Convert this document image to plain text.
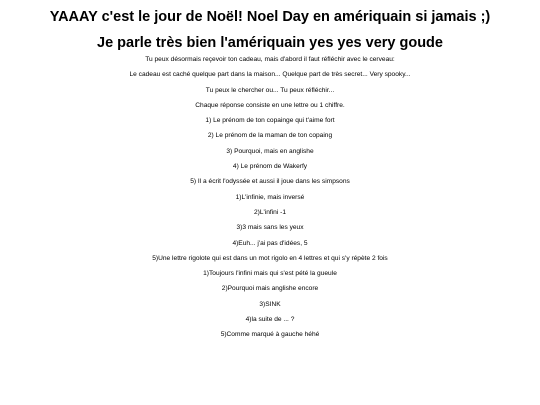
YAAAY c'est le jour de Noël! Noel Day en amériquain si jamais ;)
Je parle très bien l'amériquain yes yes very goude

Tu peux désormais reçevoir ton cadeau, mais d'abord il faut réfléchir avec le cerveau:

Le cadeau est caché quelque part dans la maison... Quelque part de très secret... Very spooky...

Tu peux le chercher ou... Tu peux réfléchir...

Chaque réponse consiste en une lettre ou 1 chiffre.

1) Le prénom de ton copainge qui t'aime fort

2) Le prénom de la maman de ton copaing

3) Pourquoi, mais en anglishe

4) Le prénom de Wakerfy

5) Il a écrit l'odyssée et aussi il joue dans les simpsons

1)L'infinie, mais inversé

2)L'infini -1

3)3 mais sans les yeux

4)Euh... j'ai pas d'idées, 5

5)Une lettre rigolote qui est dans un mot rigolo en 4 lettres et qui s'y répète 2 fois

1)Toujours l'infini mais qui s'est pété la gueule

2)Pourquoi mais anglishe encore

3)SINK

4)la suite de ... ?

5)Comme marqué à gauche héhé
